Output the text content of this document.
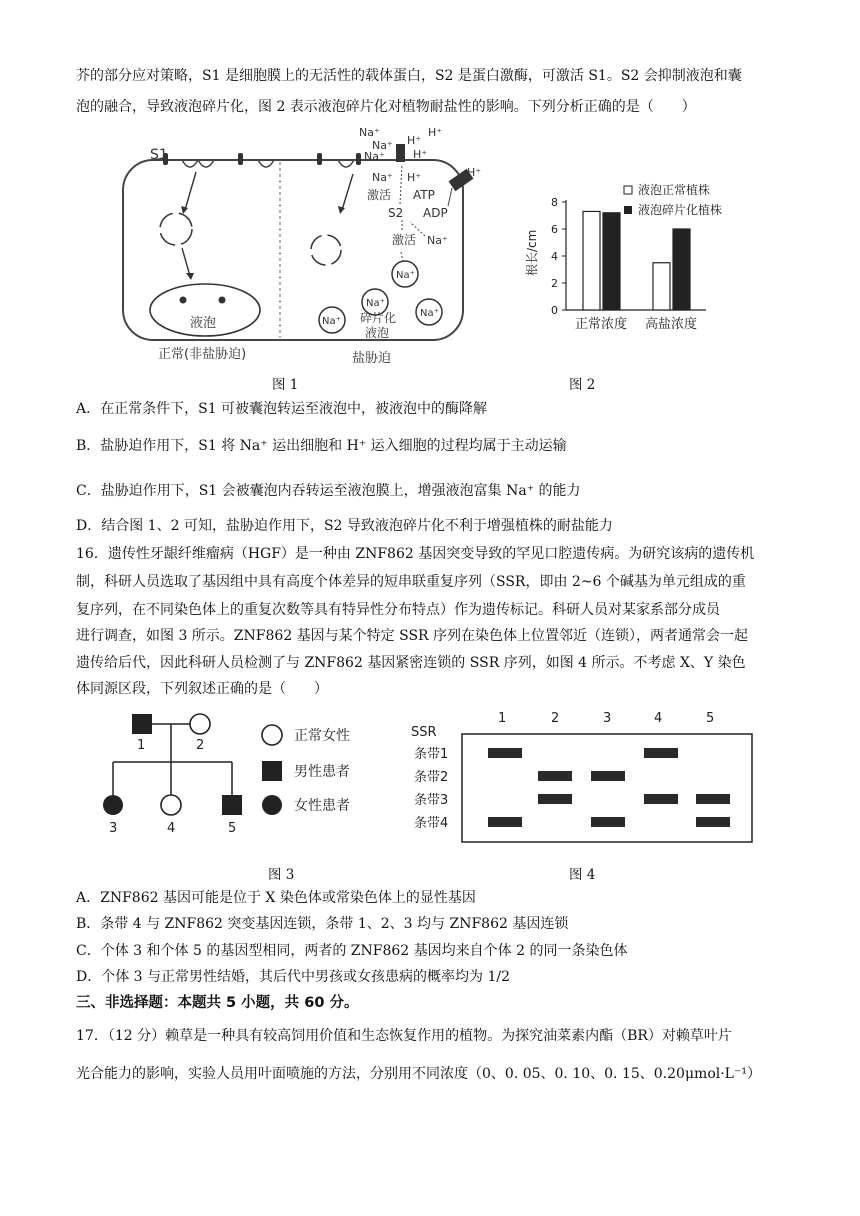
芥的部分应对策略，S1 是细胞膜上的无活性的载体蛋白，S2 是蛋白激酶，可激活 S1。S2 会抑制液泡和囊
泡的融合，导致液泡碎片化，图 2 表示液泡碎片化对植物耐盐性的影响。下列分析正确的是（　　）
S1
液泡
Na⁺
Na⁺
Na⁺
Na⁺
碎片化
液泡
Na⁺
Na⁺
Na⁺
H⁺
H⁺
H⁺
H⁺
Na⁺ H⁺
激活 ATP
S2 ADP
激活 Na⁺
正常(非盐胁迫)	盐胁迫
图 1
液泡正常植株
液泡碎片化植株
根长/cm
0
2
4
6
8
正常浓度 高盐浓度
图 2
A．在正常条件下，S1 可被囊泡转运至液泡中，被液泡中的酶降解
B．盐胁迫作用下，S1 将 Na⁺ 运出细胞和 H⁺ 运入细胞的过程均属于主动运输
C．盐胁迫作用下，S1 会被囊泡内吞转运至液泡膜上，增强液泡富集 Na⁺ 的能力
D．结合图 1、2 可知，盐胁迫作用下，S2 导致液泡碎片化不利于增强植株的耐盐能力
16．遗传性牙龈纤维瘤病（HGF）是一种由 ZNF862 基因突变导致的罕见口腔遗传病。为研究该病的遗传机
制，科研人员选取了基因组中具有高度个体差异的短串联重复序列（SSR，即由 2~6 个碱基为单元组成的重
复序列，在不同染色体上的重复次数等具有特异性分布特点）作为遗传标记。科研人员对某家系部分成员
进行调查，如图 3 所示。ZNF862 基因与某个特定 SSR 序列在染色体上位置邻近（连锁），两者通常会一起
遗传给后代，因此科研人员检测了与 ZNF862 基因紧密连锁的 SSR 序列，如图 4 所示。不考虑 X、Y 染色
体同源区段，下列叙述正确的是（　　）
1	2
3	4	5
正常女性
男性患者
女性患者
图 3
SSR
1	2	3	4	5
条带1
条带2
条带3
条带4
图 4
A．ZNF862 基因可能是位于 X 染色体或常染色体上的显性基因
B．条带 4 与 ZNF862 突变基因连锁，条带 1、2、3 均与 ZNF862 基因连锁
C．个体 3 和个体 5 的基因型相同，两者的 ZNF862 基因均来自个体 2 的同一条染色体
D．个体 3 与正常男性结婚，其后代中男孩或女孩患病的概率均为 1/2
三、非选择题：本题共 5 小题，共 60 分。
17．（12 分）赖草是一种具有较高饲用价值和生态恢复作用的植物。为探究油菜素内酯（BR）对赖草叶片
光合能力的影响，实验人员用叶面喷施的方法，分别用不同浓度（0、0. 05、0. 10、0. 15、0.20μmol·L⁻¹）
